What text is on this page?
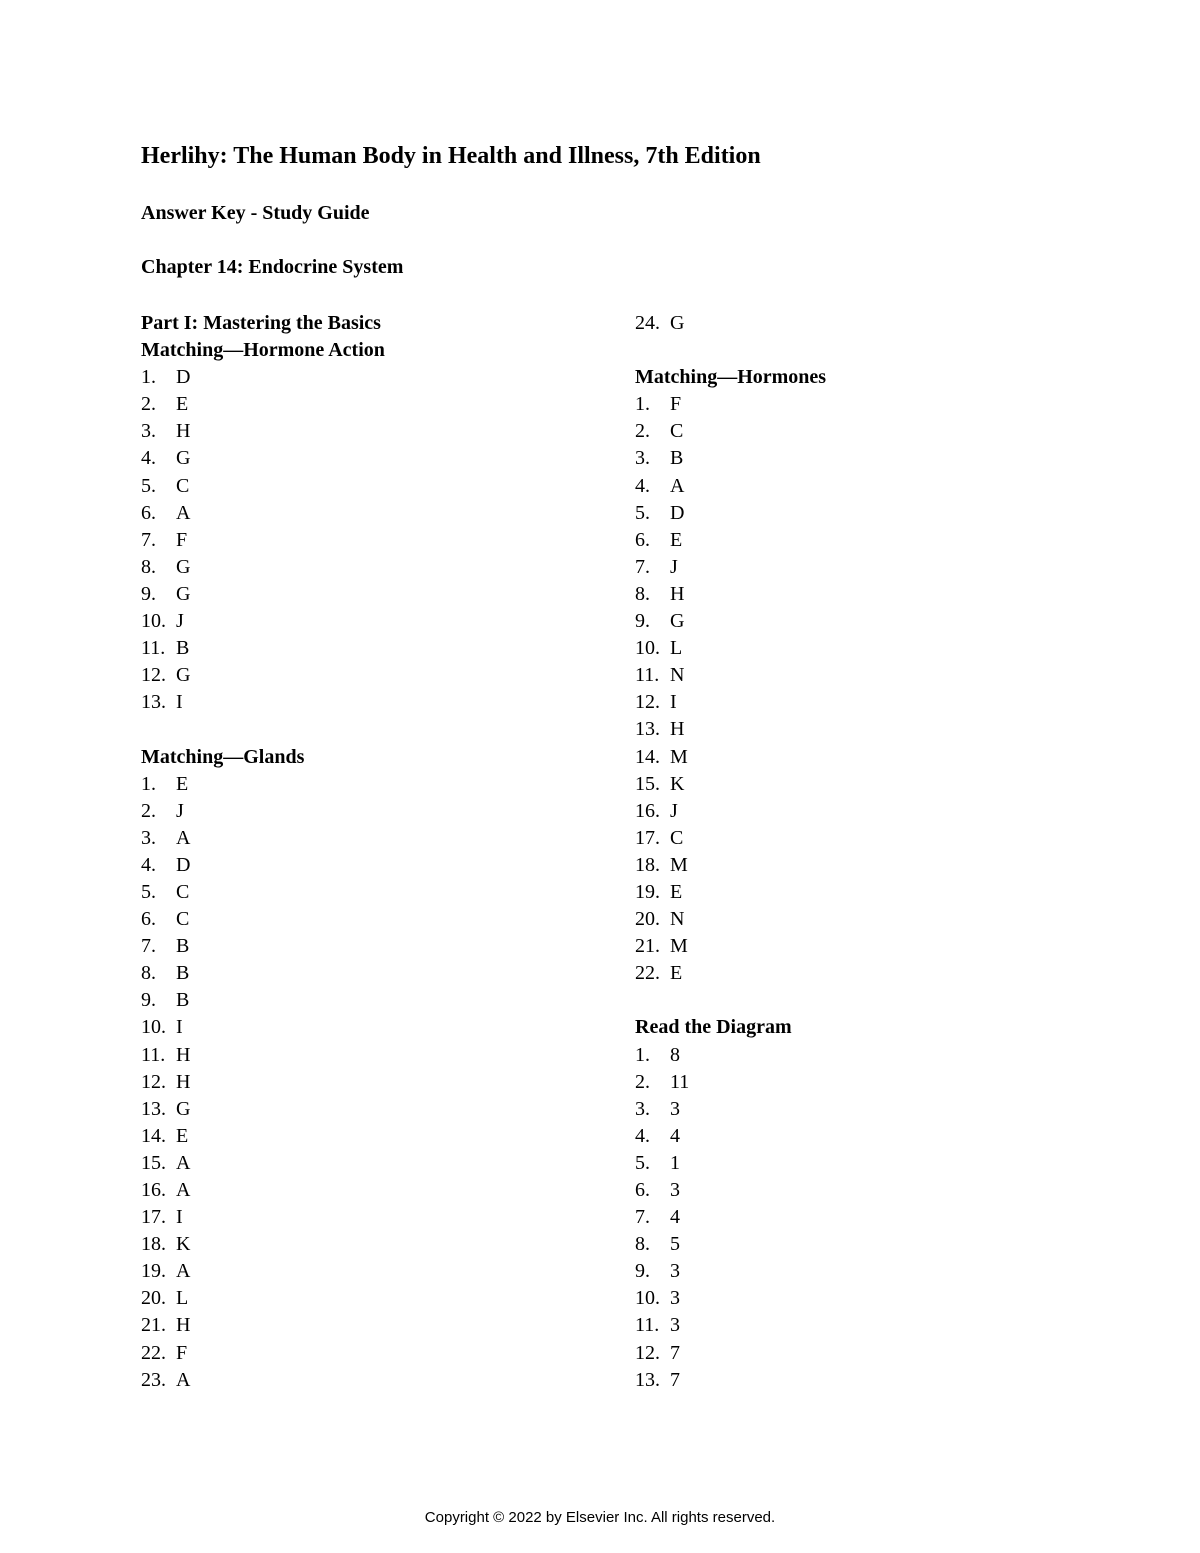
Herlihy: The Human Body in Health and Illness, 7th Edition
Answer Key - Study Guide
Chapter 14: Endocrine System
Part I: Mastering the Basics
Matching—Hormone Action
1. D
2. E
3. H
4. G
5. C
6. A
7. F
8. G
9. G
10. J
11. B
12. G
13. I
Matching—Glands
1. E
2. J
3. A
4. D
5. C
6. C
7. B
8. B
9. B
10. I
11. H
12. H
13. G
14. E
15. A
16. A
17. I
18. K
19. A
20. L
21. H
22. F
23. A
24. G
Matching—Hormones
1. F
2. C
3. B
4. A
5. D
6. E
7. J
8. H
9. G
10. L
11. N
12. I
13. H
14. M
15. K
16. J
17. C
18. M
19. E
20. N
21. M
22. E
Read the Diagram
1. 8
2. 11
3. 3
4. 4
5. 1
6. 3
7. 4
8. 5
9. 3
10. 3
11. 3
12. 7
13. 7
Copyright © 2022 by Elsevier Inc. All rights reserved.
